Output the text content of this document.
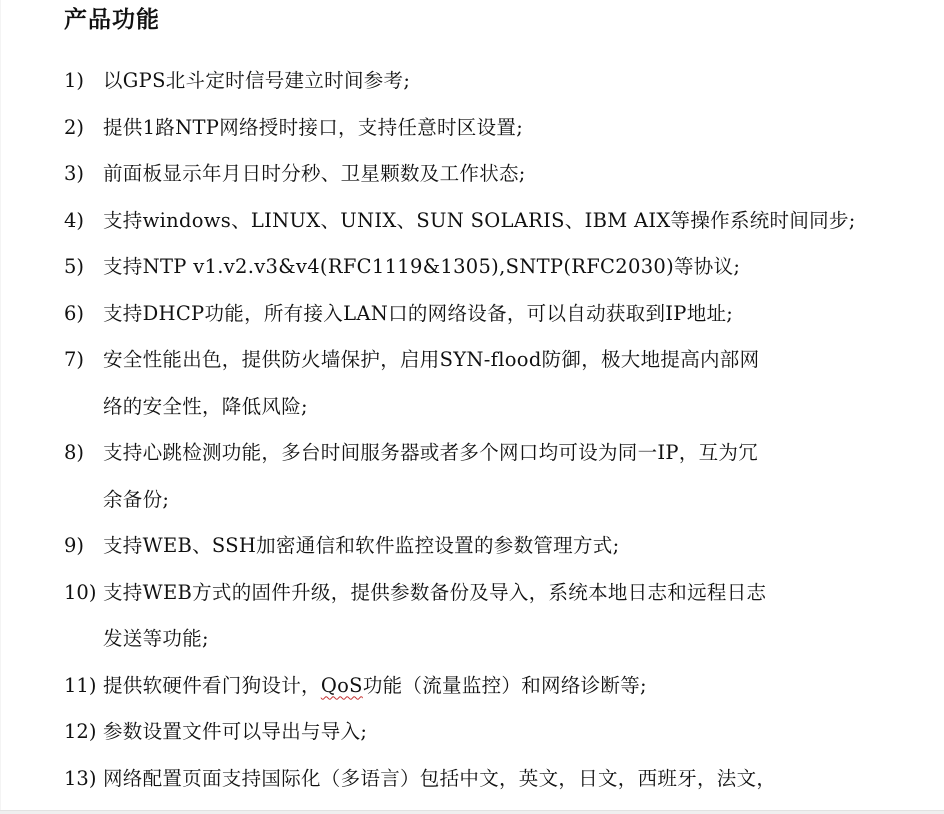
产品功能
1) 以GPS北斗定时信号建立时间参考;
2) 提供1路NTP网络授时接口，支持任意时区设置;
3) 前面板显示年月日时分秒、卫星颗数及工作状态;
4) 支持windows、LINUX、UNIX、SUN SOLARIS、IBM AIX等操作系统时间同步;
5) 支持NTP v1.v2.v3&v4(RFC1119&1305),SNTP(RFC2030)等协议;
6) 支持DHCP功能，所有接入LAN口的网络设备，可以自动获取到IP地址;
7) 安全性能出色，提供防火墙保护，启用SYN-flood防御，极大地提高内部网
络的安全性，降低风险;
8) 支持心跳检测功能，多台时间服务器或者多个网口均可设为同一IP，互为冗
余备份;
9) 支持WEB、SSH加密通信和软件监控设置的参数管理方式;
10) 支持WEB方式的固件升级，提供参数备份及导入，系统本地日志和远程日志
发送等功能;
11) 提供软硬件看门狗设计，QoS功能（流量监控）和网络诊断等;
12) 参数设置文件可以导出与导入;
13) 网络配置页面支持国际化（多语言）包括中文，英文，日文，西班牙，法文，
